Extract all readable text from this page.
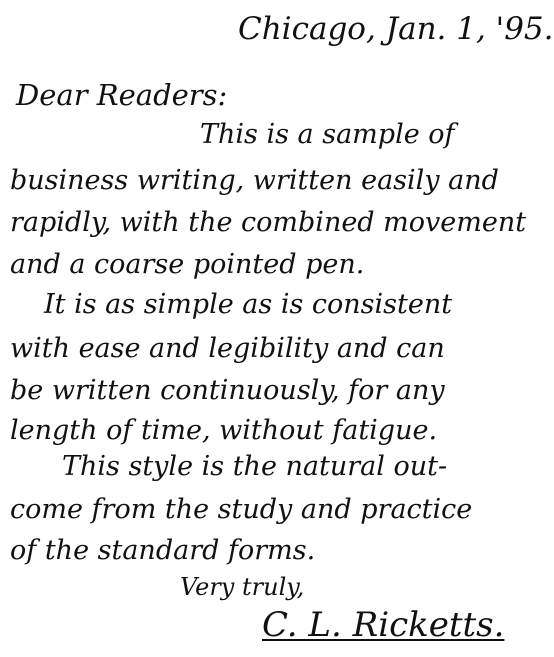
Chicago, Jan. 1, '95.
Dear Readers:
This is a sample of
business writing, written easily and
rapidly, with the combined movement
and a coarse pointed pen.
It is as simple as is consistent
with ease and legibility and can
be written continuously, for any
length of time, without fatigue.
This style is the natural out-
come from the study and practice
of the standard forms.
Very truly,
C. L. Ricketts.
